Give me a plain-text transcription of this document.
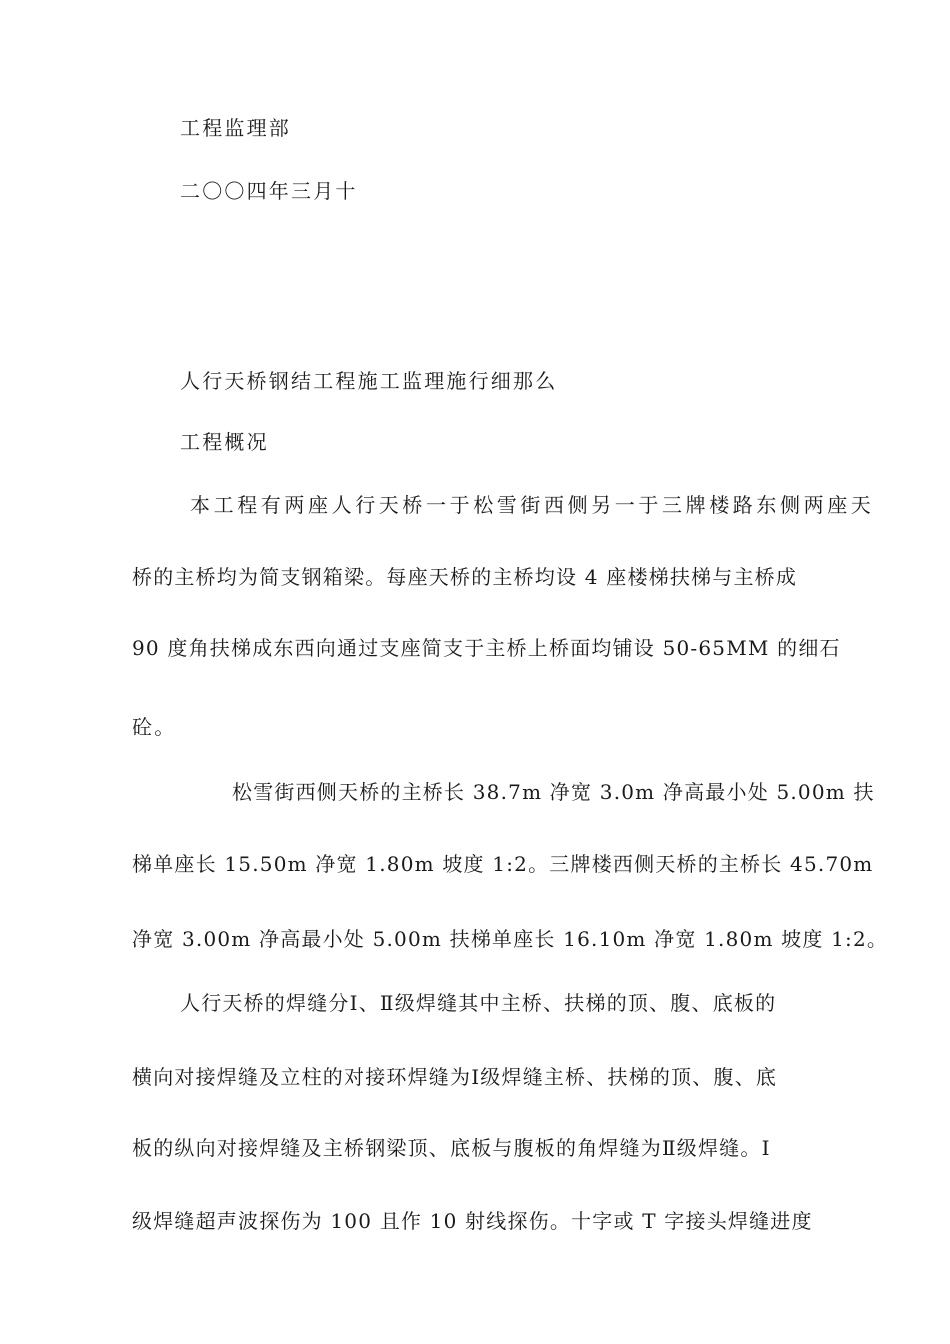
工程监理部
二〇〇四年三月十
人行天桥钢结工程施工监理施行细那么
工程概况
本工程有两座人行天桥一于松雪街西侧另一于三牌楼路东侧两座天
桥的主桥均为简支钢箱梁。每座天桥的主桥均设 4 座楼梯扶梯与主桥成
90 度角扶梯成东西向通过支座简支于主桥上桥面均铺设 50-65MM 的细石
砼。
松雪街西侧天桥的主桥长 38.7m 净宽 3.0m 净高最小处 5.00m 扶
梯单座长 15.50m 净宽 1.80m 坡度 1:2。三牌楼西侧天桥的主桥长 45.70m
净宽 3.00m 净高最小处 5.00m 扶梯单座长 16.10m 净宽 1.80m 坡度 1:2。
人行天桥的焊缝分Ⅰ、Ⅱ级焊缝其中主桥、扶梯的顶、腹、底板的
横向对接焊缝及立柱的对接环焊缝为Ⅰ级焊缝主桥、扶梯的顶、腹、底
板的纵向对接焊缝及主桥钢梁顶、底板与腹板的角焊缝为Ⅱ级焊缝。Ⅰ
级焊缝超声波探伤为 100 且作 10 射线探伤。十字或 T 字接头焊缝进度
